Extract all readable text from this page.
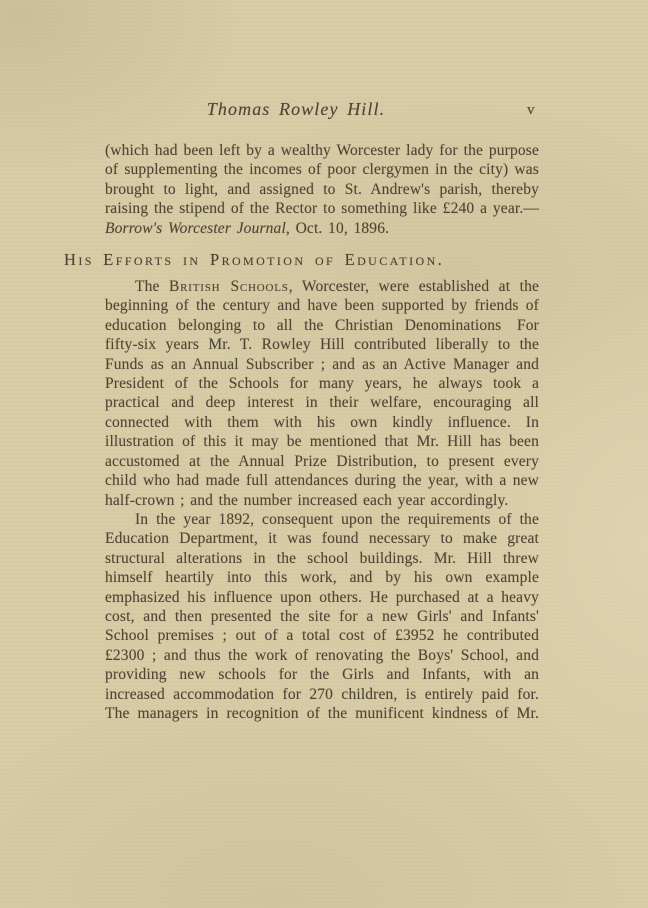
Thomas Rowley Hill.	v

(which had been left by a wealthy Worcester lady for the purpose of supplementing the incomes of poor clergymen in the city) was brought to light, and assigned to St. Andrew's parish, thereby raising the stipend of the Rector to something like £240 a year.—Borrow's Worcester Journal, Oct. 10, 1896.

His Efforts in Promotion of Education.

The British Schools, Worcester, were established at the beginning of the century and have been supported by friends of education belonging to all the Christian Denominations For fifty-six years Mr. T. Rowley Hill contributed liberally to the Funds as an Annual Subscriber ; and as an Active Manager and President of the Schools for many years, he always took a practical and deep interest in their welfare, encouraging all connected with them with his own kindly influence. In illustration of this it may be mentioned that Mr. Hill has been accustomed at the Annual Prize Distribution, to present every child who had made full attendances during the year, with a new half-crown ; and the number increased each year accordingly.

In the year 1892, consequent upon the requirements of the Education Department, it was found necessary to make great structural alterations in the school buildings. Mr. Hill threw himself heartily into this work, and by his own example emphasized his influence upon others. He purchased at a heavy cost, and then presented the site for a new Girls' and Infants' School premises ; out of a total cost of £3952 he contributed £2300 ; and thus the work of renovating the Boys' School, and providing new schools for the Girls and Infants, with an increased accommodation for 270 children, is entirely paid for. The managers in recognition of the munificent kindness of Mr.
